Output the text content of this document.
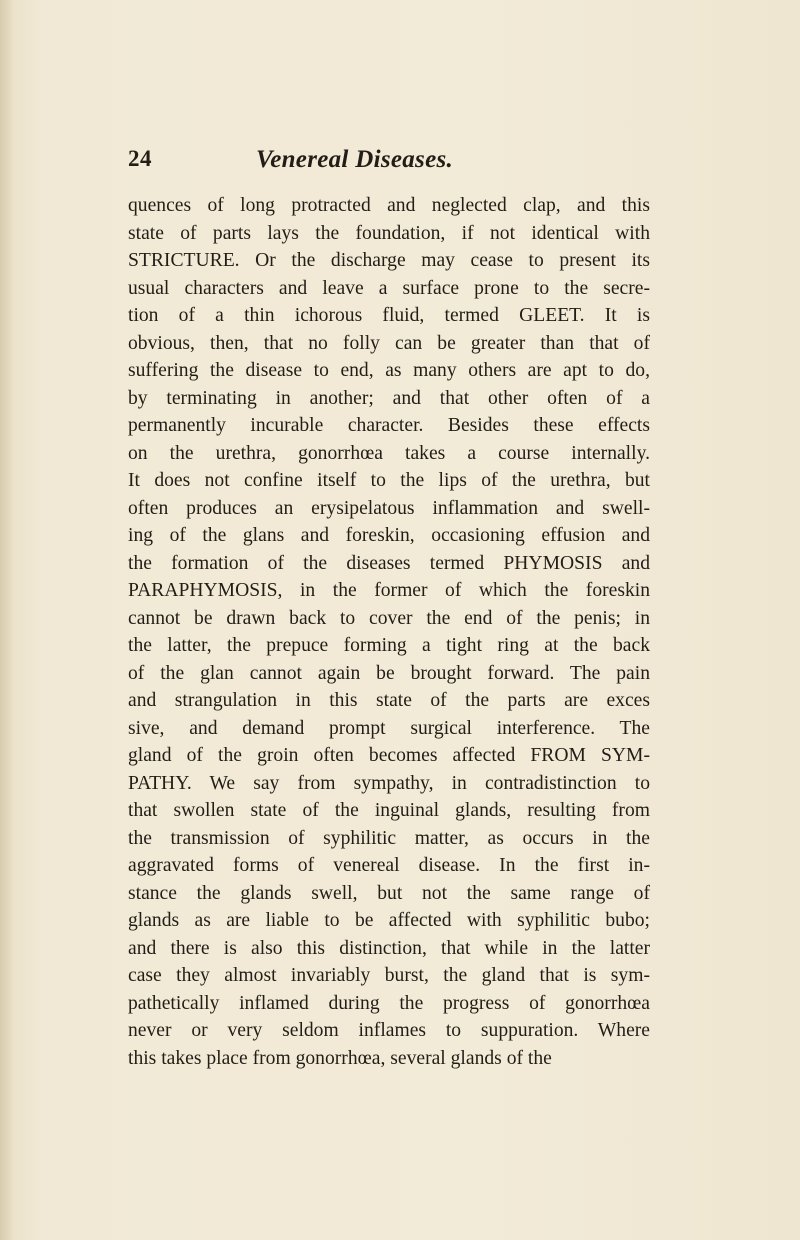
24	Venereal Diseases.
quences of long protracted and neglected clap, and this
state of parts lays the foundation, if not identical with
STRICTURE. Or the discharge may cease to present its
usual characters and leave a surface prone to the secre-
tion of a thin ichorous fluid, termed GLEET. It is
obvious, then, that no folly can be greater than that of
suffering the disease to end, as many others are apt to do,
by terminating in another; and that other often of a
permanently incurable character. Besides these effects
on the urethra, gonorrhœa takes a course internally.
It does not confine itself to the lips of the urethra, but
often produces an erysipelatous inflammation and swell-
ing of the glans and foreskin, occasioning effusion and
the formation of the diseases termed PHYMOSIS and
PARAPHYMOSIS, in the former of which the foreskin
cannot be drawn back to cover the end of the penis; in
the latter, the prepuce forming a tight ring at the back
of the glan cannot again be brought forward. The pain
and strangulation in this state of the parts are exces
sive, and demand prompt surgical interference. The
gland of the groin often becomes affected FROM SYM-
PATHY. We say from sympathy, in contradistinction to
that swollen state of the inguinal glands, resulting from
the transmission of syphilitic matter, as occurs in the
aggravated forms of venereal disease. In the first in-
stance the glands swell, but not the same range of
glands as are liable to be affected with syphilitic bubo;
and there is also this distinction, that while in the latter
case they almost invariably burst, the gland that is sym-
pathetically inflamed during the progress of gonorrhœa
never or very seldom inflames to suppuration. Where
this takes place from gonorrhœa, several glands of the
